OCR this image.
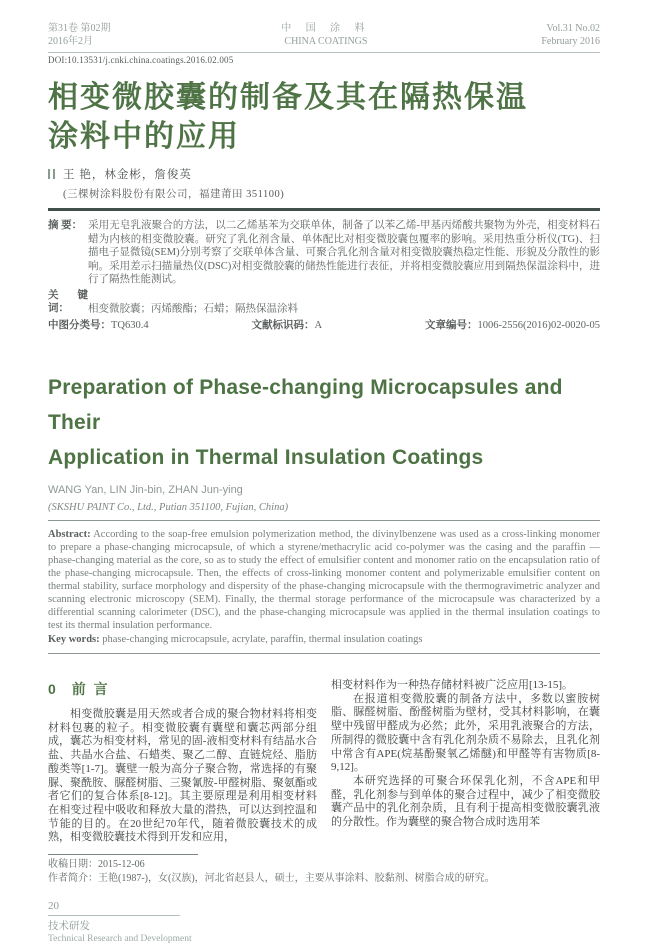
第31卷 第02期
2016年2月
中 国 涂 料
CHINA COATINGS
Vol.31 No.02
February 2016
DOI:10.13531/j.cnki.china.coatings.2016.02.005
相变微胶囊的制备及其在隔热保温
涂料中的应用
王 艳，林金彬，詹俊英
(三棵树涂料股份有限公司，福建莆田 351100)

摘 要： 采用无皂乳液聚合的方法，以二乙烯基苯为交联单体，制备了以苯乙烯-甲基丙烯酸共聚物为外壳，相变材料石蜡为内核的相变微胶囊。研究了乳化剂含量、单体配比对相变微胶囊包覆率的影响。采用热重分析仪(TG)、扫描电子显微镜(SEM)分别考察了交联单体含量、可聚合乳化剂含量对相变微胶囊热稳定性能、形貌及分散性的影响。采用差示扫描量热仪(DSC)对相变微胶囊的储热性能进行表征，并将相变微胶囊应用到隔热保温涂料中，进行了隔热性能测试。

关键词： 相变微胶囊；丙烯酸酯；石蜡；隔热保温涂料

中图分类号：TQ630.4	文献标识码：A	文章编号：1006-2556(2016)02-0020-05
Preparation of Phase-changing Microcapsules and Their
Application in Thermal Insulation Coatings
WANG Yan, LIN Jin-bin, ZHAN Jun-ying
(SKSHU PAINT Co., Ltd., Putian 351100, Fujian, China)

Abstract: According to the soap-free emulsion polymerization method, the divinylbenzene was used as a cross-linking monomer to prepare a phase-changing microcapsule, of which a styrene/methacrylic acid co-polymer was the casing and the paraffin — phase-changing material as the core, so as to study the effect of emulsifier content and monomer ratio on the encapsulation ratio of the phase-changing microcapsule. Then, the effects of cross-linking monomer content and polymerizable emulsifier content on thermal stability, surface morphology and dispersity of the phase-changing microcapsule with the thermogravimetric analyzer and scanning electronic microscopy (SEM). Finally, the thermal storage performance of the microcapsule was characterized by a differential scanning calorimeter (DSC), and the phase-changing microcapsule was applied in the thermal insulation coatings to test its thermal insulation performance.

Key words: phase-changing microcapsule, acrylate, paraffin, thermal insulation coatings

0 前 言

相变微胶囊是用天然或者合成的聚合物材料将相变材料包裹的粒子。相变微胶囊有囊壁和囊芯两部分组成，囊芯为相变材料，常见的固-液相变材料有结晶水合盐、共晶水合盐、石蜡类、聚乙二醇、直链烷烃、脂肪酸类等[1-7]。囊壁一般为高分子聚合物，常选择的有聚脲、聚酰胺、脲醛树脂、三聚氰胺-甲醛树脂、聚氨酯或者它们的复合体系[8-12]。其主要原理是利用相变材料在相变过程中吸收和释放大量的潜热，可以达到控温和节能的目的。在20世纪70年代，随着微胶囊技术的成熟，相变微胶囊技术得到开发和应用，

相变材料作为一种热存储材料被广泛应用[13-15]。

在报道相变微胶囊的制备方法中，多数以蜜胺树脂、脲醛树脂、酚醛树脂为壁材，受其材料影响，在囊壁中残留甲醛成为必然；此外，采用乳液聚合的方法，所制得的微胶囊中含有乳化剂杂质不易除去，且乳化剂中常含有APE(烷基酚聚氧乙烯醚)和甲醛等有害物质[8-9,12]。

本研究选择的可聚合环保乳化剂，不含APE和甲醛，乳化剂参与到单体的聚合过程中，减少了相变微胶囊产品中的乳化剂杂质，且有利于提高相变微胶囊乳液的分散性。作为囊壁的聚合物合成时选用苯

收稿日期：2015-12-06
作者简介：王艳(1987-)，女(汉族)，河北省赵县人，硕士，主要从事涂料、胶黏剂、树脂合成的研究。
20
技术研发
Technical Research and Development
